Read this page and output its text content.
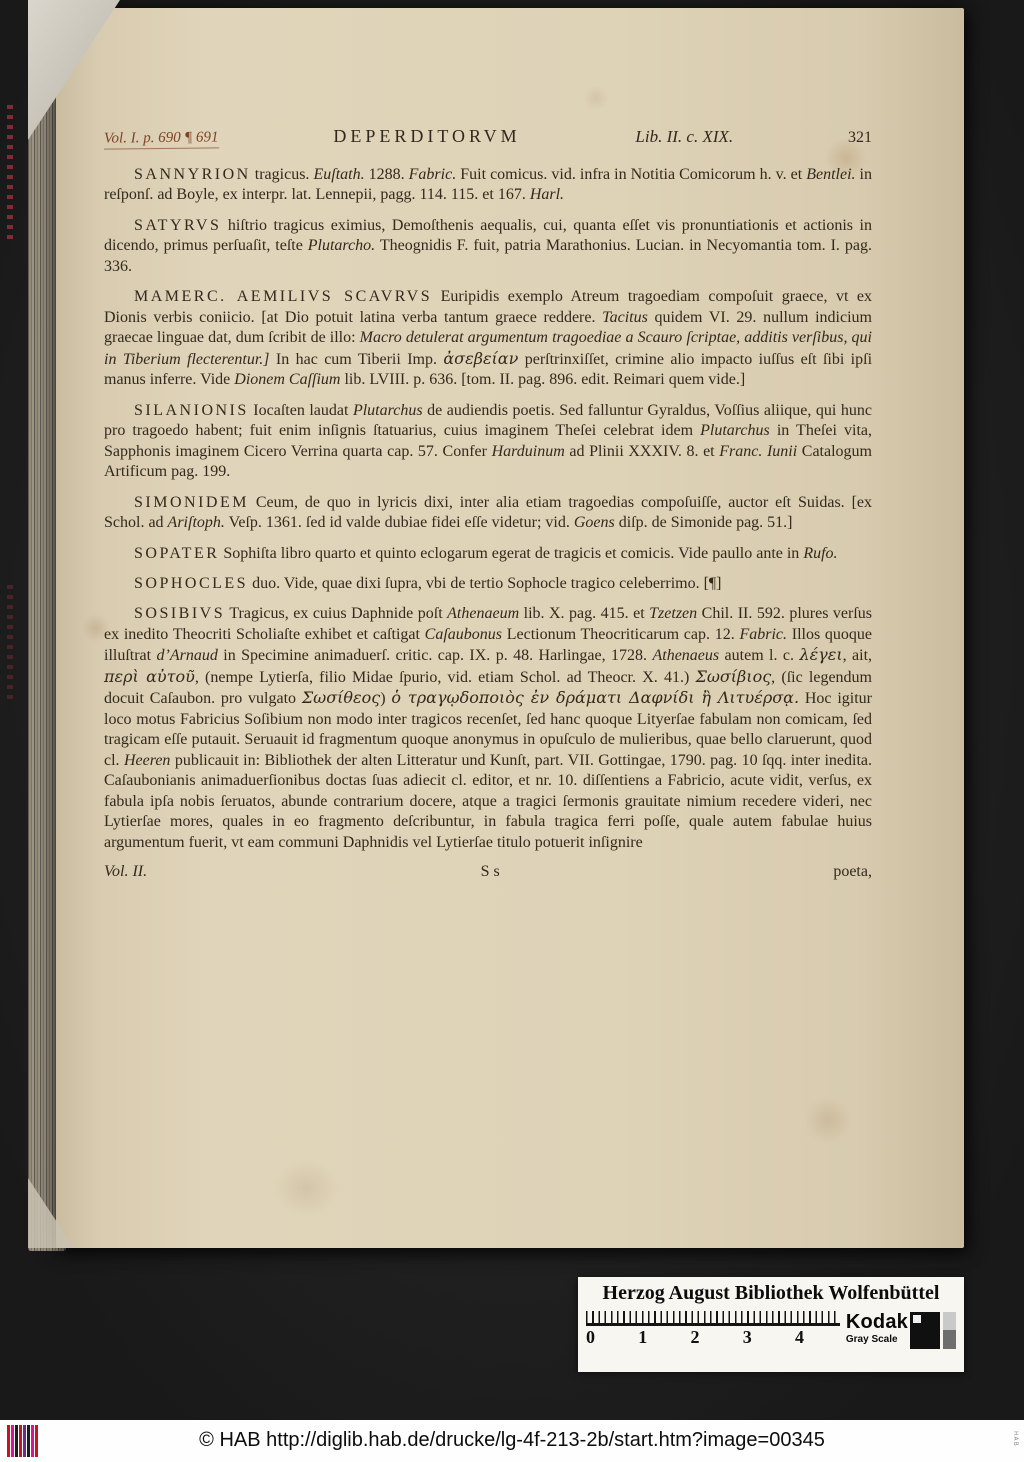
Vol. I. p. 690 ¶ 691	DEPERDITORVM	Lib. II. c. XIX.	321

SANNYRION tragicus. Euſtath. 1288. Fabric. Fuit comicus. vid. infra in Notitia Comicorum h. v. et Bentlei. in reſponſ. ad Boyle, ex interpr. lat. Lennepii, pagg. 114. 115. et 167. Harl.

SATYRVS hiſtrio tragicus eximius, Demoſthenis aequalis, cui, quanta eſſet vis pronuntiationis et actionis in dicendo, primus perſuaſit, teſte Plutarcho. Theognidis F. fuit, patria Marathonius. Lucian. in Necyomantia tom. I. pag. 336.

MAMERC. AEMILIVS SCAVRVS Euripidis exemplo Atreum tragoediam compoſuit graece, vt ex Dionis verbis coniicio. [at Dio potuit latina verba tantum graece reddere. Tacitus quidem VI. 29. nullum indicium graecae linguae dat, dum ſcribit de illo: Macro detulerat argumentum tragoediae a Scauro ſcriptae, additis verſibus, qui in Tiberium flecterentur.] In hac cum Tiberii Imp. ἀσεβείαν perſtrinxiſſet, crimine alio impacto iuſſus eſt ſibi ipſi manus inferre. Vide Dionem Caſſium lib. LVIII. p. 636. [tom. II. pag. 896. edit. Reimari quem vide.]

SILANIONIS Iocaſten laudat Plutarchus de audiendis poetis. Sed falluntur Gyraldus, Voſſius aliique, qui hunc pro tragoedo habent; fuit enim inſignis ſtatuarius, cuius imaginem Theſei celebrat idem Plutarchus in Theſei vita, Sapphonis imaginem Cicero Verrina quarta cap. 57. Confer Harduinum ad Plinii XXXIV. 8. et Franc. Iunii Catalogum Artificum pag. 199.

SIMONIDEM Ceum, de quo in lyricis dixi, inter alia etiam tragoedias compoſuiſſe, auctor eſt Suidas. [ex Schol. ad Ariſtoph. Veſp. 1361. ſed id valde dubiae fidei eſſe videtur; vid. Goens diſp. de Simonide pag. 51.]

SOPATER Sophiſta libro quarto et quinto eclogarum egerat de tragicis et comicis. Vide paullo ante in Rufo.

SOPHOCLES duo. Vide, quae dixi ſupra, vbi de tertio Sophocle tragico celeberrimo. [¶]

SOSIBIVS Tragicus, ex cuius Daphnide poſt Athenaeum lib. X. pag. 415. et Tzetzen Chil. II. 592. plures verſus ex inedito Theocriti Scholiaſte exhibet et caſtigat Caſaubonus Lectionum Theocriticarum cap. 12. Fabric. Illos quoque illuſtrat d’Arnaud in Specimine animaduerſ. critic. cap. IX. p. 48. Harlingae, 1728. Athenaeus autem l. c. λέγει, ait, περὶ αὐτοῦ, (nempe Lytierſa, filio Midae ſpurio, vid. etiam Schol. ad Theocr. X. 41.) Σωσίβιος, (ſic legendum docuit Caſaubon. pro vulgato Σωσίθεος) ὁ τραγῳδοποιὸς ἐν δράματι Δαφνίδι ἢ Λιτυέρσᾳ. Hoc igitur loco motus Fabricius Soſibium non modo inter tragicos recenſet, ſed hanc quoque Lityerſae fabulam non comicam, ſed tragicam eſſe putauit. Seruauit id fragmentum quoque anonymus in opuſculo de mulieribus, quae bello claruerunt, quod cl. Heeren publicauit in: Bibliothek der alten Litteratur und Kunſt, part. VII. Gottingae, 1790. pag. 10 ſqq. inter inedita. Caſaubonianis animaduerſionibus doctas ſuas adiecit cl. editor, et nr. 10. diſſentiens a Fabricio, acute vidit, verſus, ex fabula ipſa nobis ſeruatos, abunde contrarium docere, atque a tragici ſermonis grauitate nimium recedere videri, nec Lytierſae mores, quales in eo fragmento deſcribuntur, in fabula tragica ferri poſſe, quale autem fabulae huius argumentum fuerit, vt eam communi Daphnidis vel Lytierſae titulo potuerit inſignire

Vol. II.	S s	poeta,
Herzog August Bibliothek Wolfenbüttel
0 1 2 3 4
Kodak
Gray Scale
© HAB http://diglib.hab.de/drucke/lg-4f-213-2b/start.htm?image=00345	HAB
